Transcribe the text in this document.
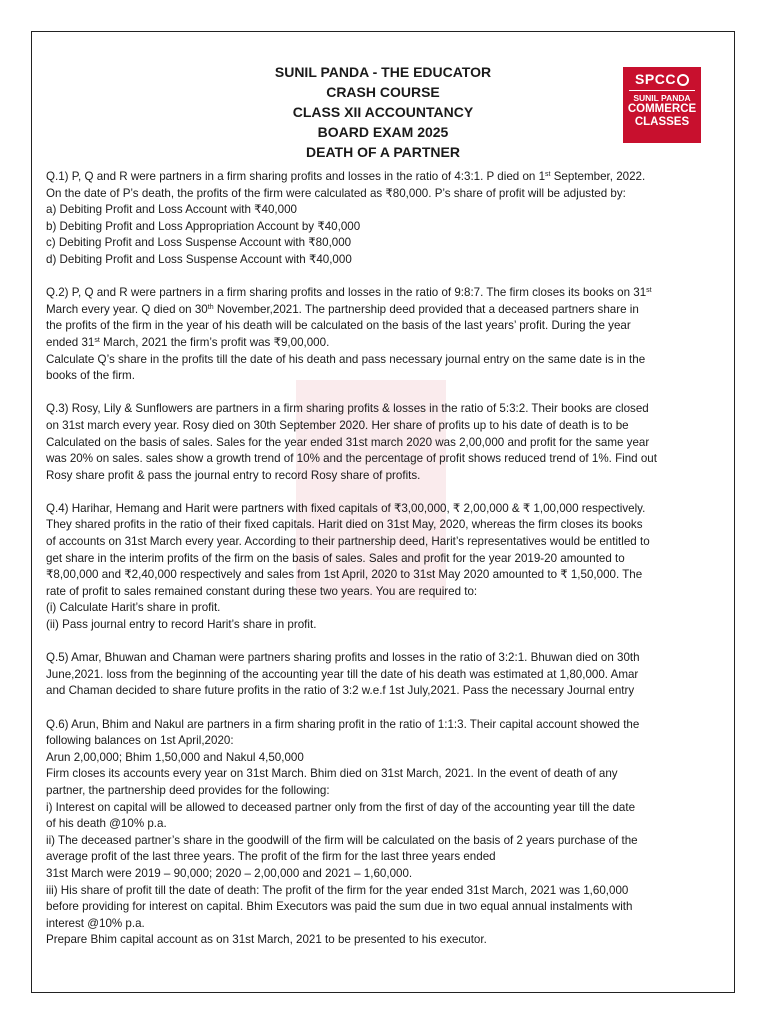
SUNIL PANDA - THE EDUCATOR
CRASH COURSE
CLASS XII ACCOUNTANCY
BOARD EXAM 2025
DEATH OF A PARTNER
SPCC
SUNIL PANDA
COMMERCE
CLASSES

Q.1) P, Q and R were partners in a firm sharing profits and losses in the ratio of 4:3:1. P died on 1st September, 2022.

On the date of P’s death, the profits of the firm were calculated as ₹80,000. P’s share of profit will be adjusted by:

a) Debiting Profit and Loss Account with ₹40,000

b) Debiting Profit and Loss Appropriation Account by ₹40,000

c) Debiting Profit and Loss Suspense Account with ₹80,000

d) Debiting Profit and Loss Suspense Account with ₹40,000

Q.2) P, Q and R were partners in a firm sharing profits and losses in the ratio of 9:8:7. The firm closes its books on 31st

March every year. Q died on 30th November,2021. The partnership deed provided that a deceased partners share in

the profits of the firm in the year of his death will be calculated on the basis of the last years’ profit. During the year

ended 31st March, 2021 the firm’s profit was ₹9,00,000.

Calculate Q’s share in the profits till the date of his death and pass necessary journal entry on the same date is in the

books of the firm.

Q.3) Rosy, Lily & Sunflowers are partners in a firm sharing profits & losses in the ratio of 5:3:2. Their books are closed

on 31st march every year. Rosy died on 30th September 2020. Her share of profits up to his date of death is to be

Calculated on the basis of sales. Sales for the year ended 31st march 2020 was 2,00,000 and profit for the same year

was 20% on sales. sales show a growth trend of 10% and the percentage of profit shows reduced trend of 1%. Find out

Rosy share profit & pass the journal entry to record Rosy share of profits.

Q.4) Harihar, Hemang and Harit were partners with fixed capitals of ₹3,00,000, ₹ 2,00,000 & ₹ 1,00,000 respectively.

They shared profits in the ratio of their fixed capitals. Harit died on 31st May, 2020, whereas the firm closes its books

of accounts on 31st March every year. According to their partnership deed, Harit’s representatives would be entitled to

get share in the interim profits of the firm on the basis of sales. Sales and profit for the year 2019-20 amounted to

₹8,00,000 and ₹2,40,000 respectively and sales from 1st April, 2020 to 31st May 2020 amounted to ₹ 1,50,000. The

rate of profit to sales remained constant during these two years. You are required to:

(i) Calculate Harit’s share in profit.

(ii) Pass journal entry to record Harit’s share in profit.

Q.5) Amar, Bhuwan and Chaman were partners sharing profits and losses in the ratio of 3:2:1. Bhuwan died on 30th

June,2021. loss from the beginning of the accounting year till the date of his death was estimated at 1,80,000. Amar

and Chaman decided to share future profits in the ratio of 3:2 w.e.f 1st July,2021. Pass the necessary Journal entry

Q.6) Arun, Bhim and Nakul are partners in a firm sharing profit in the ratio of 1:1:3. Their capital account showed the

following balances on 1st April,2020:

Arun 2,00,000; Bhim 1,50,000 and Nakul 4,50,000

Firm closes its accounts every year on 31st March. Bhim died on 31st March, 2021. In the event of death of any

partner, the partnership deed provides for the following:

i) Interest on capital will be allowed to deceased partner only from the first of day of the accounting year till the date

of his death @10% p.a.

ii) The deceased partner’s share in the goodwill of the firm will be calculated on the basis of 2 years purchase of the

average profit of the last three years. The profit of the firm for the last three years ended

31st March were 2019 – 90,000; 2020 – 2,00,000 and 2021 – 1,60,000.

iii) His share of profit till the date of death: The profit of the firm for the year ended 31st March, 2021 was 1,60,000

before providing for interest on capital. Bhim Executors was paid the sum due in two equal annual instalments with

interest @10% p.a.

Prepare Bhim capital account as on 31st March, 2021 to be presented to his executor.
